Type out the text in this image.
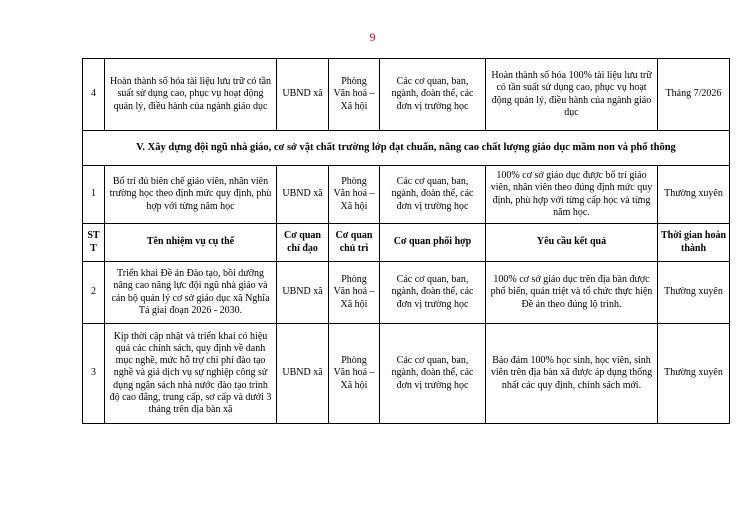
9
4	Hoàn thành số hóa tài liệu lưu trữ có tần suất sử dụng cao, phục vụ hoạt động quản lý, điều hành của ngành giáo dục	UBND xã	Phòng Văn hoá – Xã hội	Các cơ quan, ban, ngành, đoàn thể, các đơn vị trường học	Hoàn thành số hóa 100% tài liệu lưu trữ có tần suất sử dụng cao, phục vụ hoạt động quản lý, điều hành của ngành giáo dục	Tháng 7/2026
V. Xây dựng đội ngũ nhà giáo, cơ sở vật chất trường lớp đạt chuẩn, nâng cao chất lượng giáo dục mầm non và phổ thông						
1	Bố trí đủ biên chế giáo viên, nhân viên trường học theo định mức quy định, phù hợp với từng năm học	UBND xã	Phòng Văn hoá – Xã hội	Các cơ quan, ban, ngành, đoàn thể, các đơn vị trường học	100% cơ sở giáo dục được bố trí giáo viên, nhân viên theo đúng định mức quy định, phù hợp với từng cấp học và từng năm học.	Thường xuyên
STT	Tên nhiệm vụ cụ thể	Cơ quan chỉ đạo	Cơ quan chủ trì	Cơ quan phối hợp	Yêu cầu kết quả	Thời gian hoàn thành
2	Triển khai Đề án Đào tạo, bồi dưỡng nâng cao năng lực đội ngũ nhà giáo và cán bộ quản lý cơ sở giáo dục xã Nghĩa Tá giai đoạn 2026 - 2030.	UBND xã	Phòng Văn hoá – Xã hội	Các cơ quan, ban, ngành, đoàn thể, các đơn vị trường học	100% cơ sở giáo dục trên địa bàn được phổ biến, quán triệt và tổ chức thực hiện Đề án theo đúng lộ trình.	Thường xuyên
3	Kịp thời cập nhật và triển khai có hiệu quả các chính sách, quy định về danh mục nghề, mức hỗ trợ chi phí đào tạo nghề và giá dịch vụ sự nghiệp công sử dụng ngân sách nhà nước đào tạo trình độ cao đẳng, trung cấp, sơ cấp và dưới 3 tháng trên địa bàn xã	UBND xã	Phòng Văn hoá – Xã hội	Các cơ quan, ban, ngành, đoàn thể, các đơn vị trường học	Bảo đảm 100% học sinh, học viên, sinh viên trên địa bàn xã được áp dụng thống nhất các quy định, chính sách mới.	Thường xuyên
